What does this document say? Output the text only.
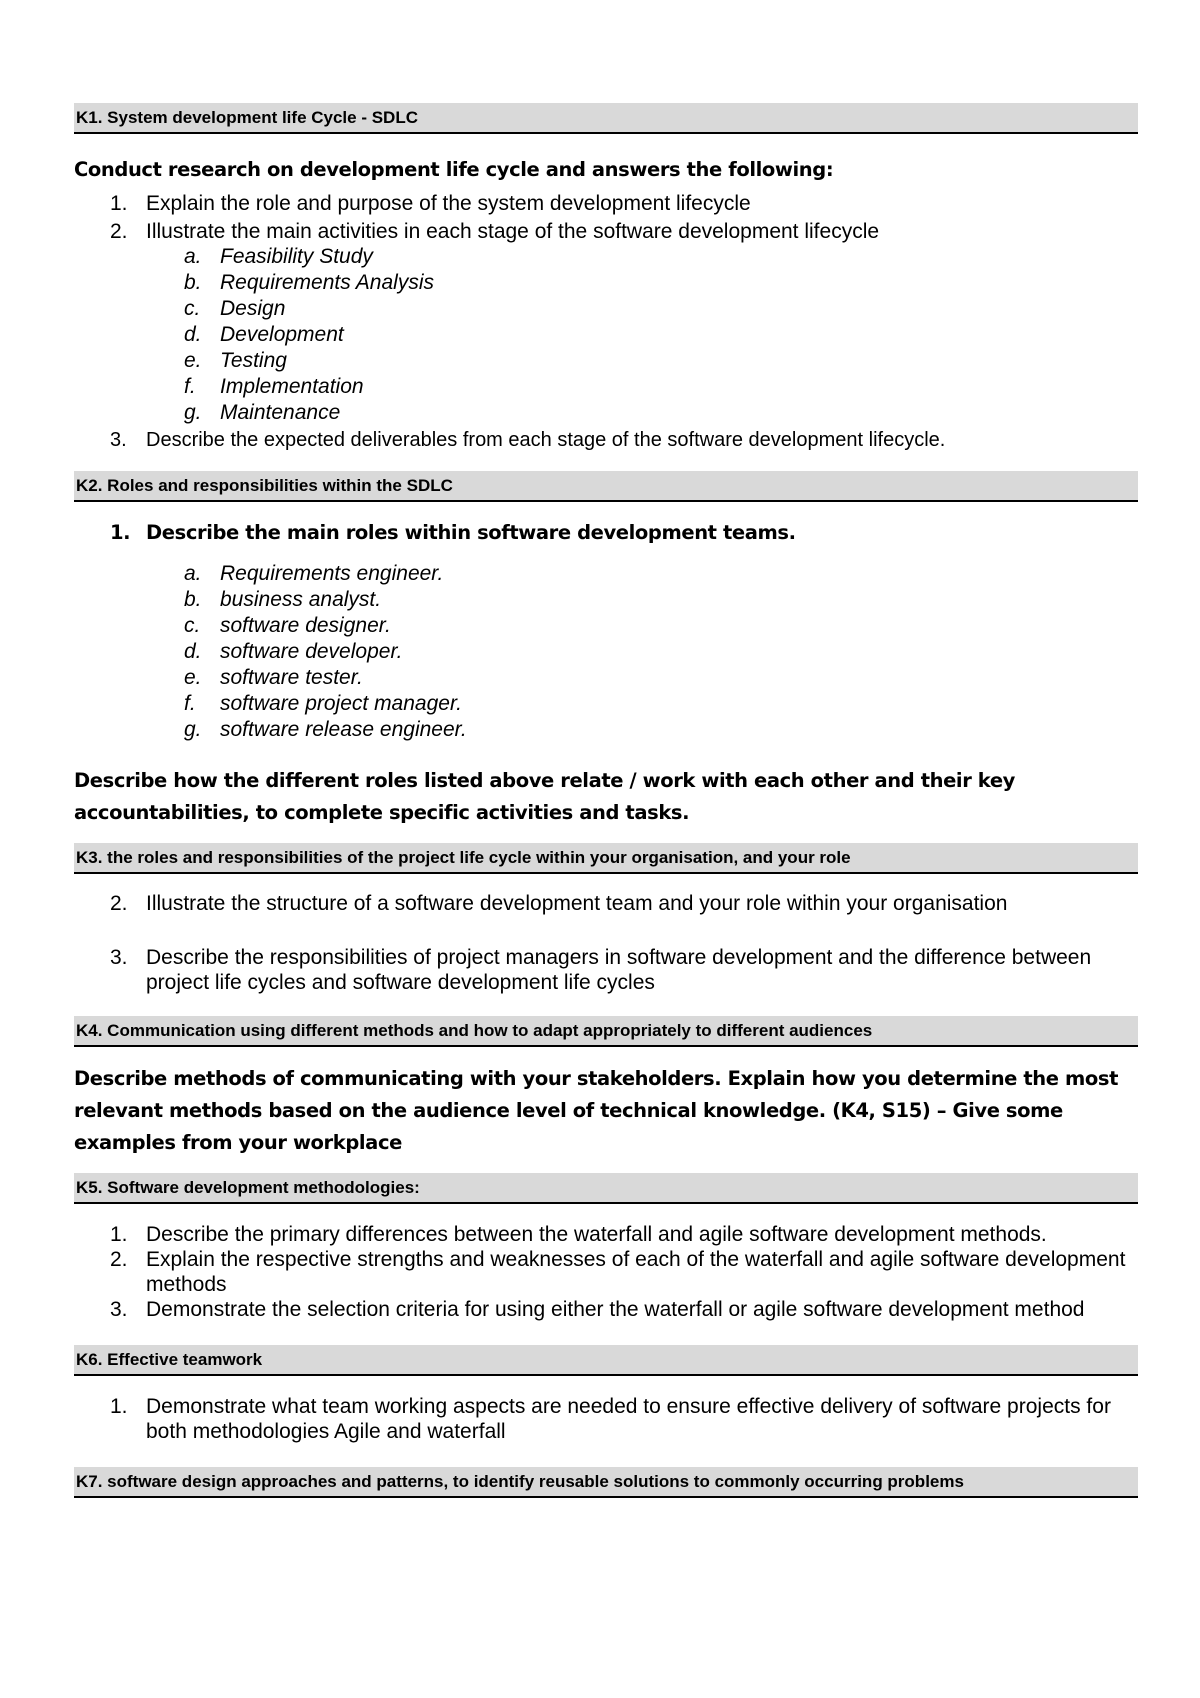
K1. System development life Cycle - SDLC
Conduct research on development life cycle and answers the following:
1. Explain the role and purpose of the system development lifecycle
2. Illustrate the main activities in each stage of the software development lifecycle
a. Feasibility Study
b. Requirements Analysis
c. Design
d. Development
e. Testing
f. Implementation
g. Maintenance
3. Describe the expected deliverables from each stage of the software development lifecycle.
K2. Roles and responsibilities within the SDLC
1. Describe the main roles within software development teams.
a. Requirements engineer.
b. business analyst.
c. software designer.
d. software developer.
e. software tester.
f. software project manager.
g. software release engineer.
Describe how the different roles listed above relate / work with each other and their key accountabilities, to complete specific activities and tasks.
K3. the roles and responsibilities of the project life cycle within your organisation, and your role
2. Illustrate the structure of a software development team and your role within your organisation
3. Describe the responsibilities of project managers in software development and the difference between project life cycles and software development life cycles
K4. Communication using different methods and how to adapt appropriately to different audiences
Describe methods of communicating with your stakeholders. Explain how you determine the most relevant methods based on the audience level of technical knowledge. (K4, S15) – Give some examples from your workplace
K5. Software development methodologies:
1. Describe the primary differences between the waterfall and agile software development methods.
2. Explain the respective strengths and weaknesses of each of the waterfall and agile software development methods
3. Demonstrate the selection criteria for using either the waterfall or agile software development method
K6. Effective teamwork
1. Demonstrate what team working aspects are needed to ensure effective delivery of software projects for both methodologies Agile and waterfall
K7. software design approaches and patterns, to identify reusable solutions to commonly occurring problems
